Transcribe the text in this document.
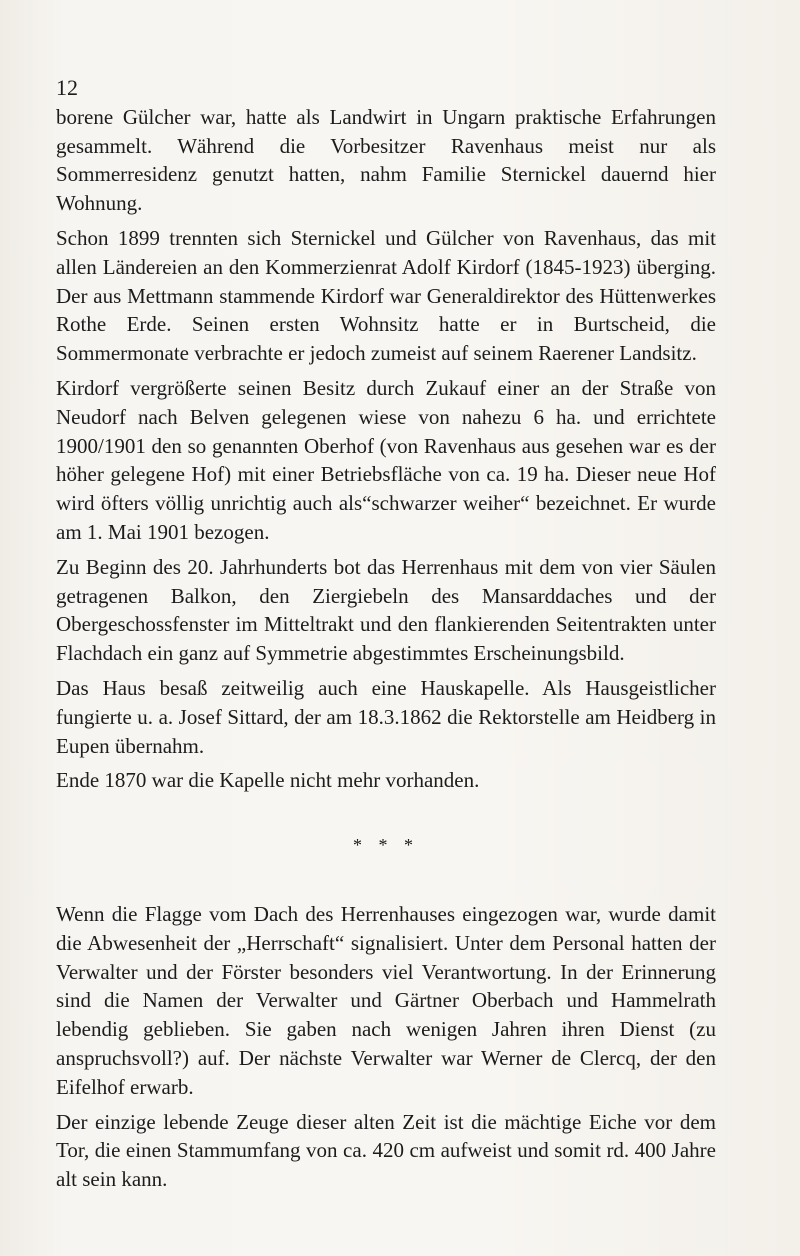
12

borene Gülcher war, hatte als Landwirt in Ungarn praktische Erfahrungen gesammelt. Während die Vorbesitzer Ravenhaus meist nur als Sommerresidenz genutzt hatten, nahm Familie Sternickel dauernd hier Wohnung.

Schon 1899 trennten sich Sternickel und Gülcher von Ravenhaus, das mit allen Ländereien an den Kommerzienrat Adolf Kirdorf (1845-1923) überging. Der aus Mettmann stammende Kirdorf war Generaldirektor des Hüttenwerkes Rothe Erde. Seinen ersten Wohnsitz hatte er in Burtscheid, die Sommermonate verbrachte er jedoch zumeist auf seinem Raerener Landsitz.

Kirdorf vergrößerte seinen Besitz durch Zukauf einer an der Straße von Neudorf nach Belven gelegenen wiese von nahezu 6 ha. und errichtete 1900/1901 den so genannten Oberhof (von Ravenhaus aus gesehen war es der höher gelegene Hof) mit einer Betriebsfläche von ca. 19 ha. Dieser neue Hof wird öfters völlig unrichtig auch als“schwarzer weiher“ bezeichnet. Er wurde am 1. Mai 1901 bezogen.

Zu Beginn des 20. Jahrhunderts bot das Herrenhaus mit dem von vier Säulen getragenen Balkon, den Ziergiebeln des Mansarddaches und der Obergeschossfenster im Mitteltrakt und den flankierenden Seitentrakten unter Flachdach ein ganz auf Symmetrie abgestimmtes Erscheinungsbild.

Das Haus besaß zeitweilig auch eine Hauskapelle. Als Hausgeistlicher fungierte u. a. Josef Sittard, der am 18.3.1862 die Rektorstelle am Heidberg in Eupen übernahm.

Ende 1870 war die Kapelle nicht mehr vorhanden.

* * *

Wenn die Flagge vom Dach des Herrenhauses eingezogen war, wurde damit die Abwesenheit der „Herrschaft“ signalisiert. Unter dem Personal hatten der Verwalter und der Förster besonders viel Verantwortung. In der Erinnerung sind die Namen der Verwalter und Gärtner Oberbach und Hammelrath lebendig geblieben. Sie gaben nach wenigen Jahren ihren Dienst (zu anspruchsvoll?) auf. Der nächste Verwalter war Werner de Clercq, der den Eifelhof erwarb.

Der einzige lebende Zeuge dieser alten Zeit ist die mächtige Eiche vor dem Tor, die einen Stammumfang von ca. 420 cm aufweist und somit rd. 400 Jahre alt sein kann.
